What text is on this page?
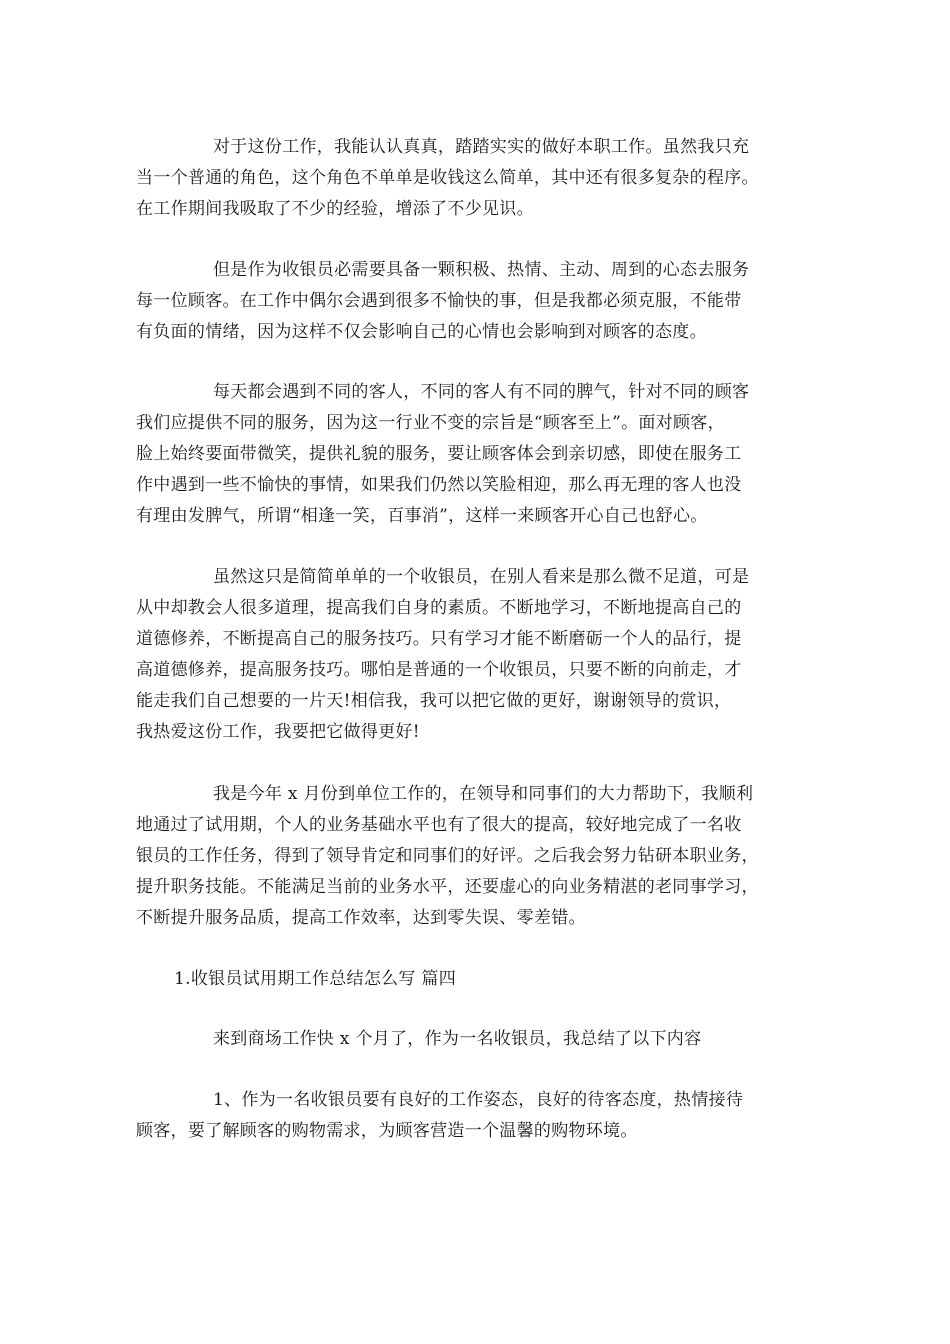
对于这份工作，我能认认真真，踏踏实实的做好本职工作。虽然我只充
当一个普通的角色，这个角色不单单是收钱这么简单，其中还有很多复杂的程序。
在工作期间我吸取了不少的经验，增添了不少见识。
但是作为收银员必需要具备一颗积极、热情、主动、周到的心态去服务
每一位顾客。在工作中偶尔会遇到很多不愉快的事，但是我都必须克服，不能带
有负面的情绪，因为这样不仅会影响自己的心情也会影响到对顾客的态度。
每天都会遇到不同的客人，不同的客人有不同的脾气，针对不同的顾客
我们应提供不同的服务，因为这一行业不变的宗旨是“顾客至上”。面对顾客，
脸上始终要面带微笑，提供礼貌的服务，要让顾客体会到亲切感，即使在服务工
作中遇到一些不愉快的事情，如果我们仍然以笑脸相迎，那么再无理的客人也没
有理由发脾气，所谓“相逢一笑，百事消”，这样一来顾客开心自己也舒心。
虽然这只是简简单单的一个收银员，在别人看来是那么微不足道，可是
从中却教会人很多道理，提高我们自身的素质。不断地学习，不断地提高自己的
道德修养，不断提高自己的服务技巧。只有学习才能不断磨砺一个人的品行，提
高道德修养，提高服务技巧。哪怕是普通的一个收银员，只要不断的向前走，才
能走我们自己想要的一片天!相信我，我可以把它做的更好，谢谢领导的赏识，
我热爱这份工作，我要把它做得更好!
我是今年 x 月份到单位工作的，在领导和同事们的大力帮助下，我顺利
地通过了试用期，个人的业务基础水平也有了很大的提高，较好地完成了一名收
银员的工作任务，得到了领导肯定和同事们的好评。之后我会努力钻研本职业务，
提升职务技能。不能满足当前的业务水平，还要虚心的向业务精湛的老同事学习，
不断提升服务品质，提高工作效率，达到零失误、零差错。
1.收银员试用期工作总结怎么写 篇四
来到商场工作快 x 个月了，作为一名收银员，我总结了以下内容
1、作为一名收银员要有良好的工作姿态，良好的待客态度，热情接待
顾客，要了解顾客的购物需求，为顾客营造一个温馨的购物环境。
